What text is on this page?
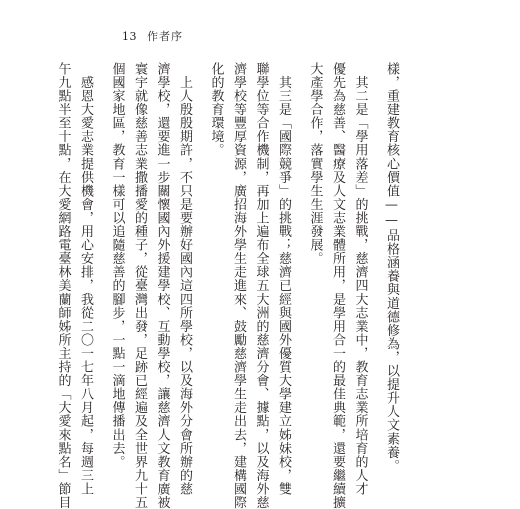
13 作者序

樣，重建教育核心價值——品格涵養與道德修為，以提升人文素養。

　其二是「學用落差」的挑戰，慈濟四大志業中，教育志業所培育的人才

優先為慈善、醫療及人文志業體所用，是學用合一的最佳典範，還要繼續擴

大產學合作，落實學生生涯發展。

　其三是「國際競爭」的挑戰；慈濟已經與國外優質大學建立姊妹校，雙

聯學位等合作機制，再加上遍布全球五大洲的慈濟分會、據點，以及海外慈

濟學校等豐厚資源，廣招海外學生走進來、鼓勵慈濟學生走出去，建構國際

化的教育環境。

　上人殷殷期許，不只是要辦好國內這四所學校，以及海外分會所辦的慈

濟學校，還要進一步關懷國內外援建學校、互動學校，讓慈濟人文教育廣被

寰宇就像慈善志業撒播愛的種子，從臺灣出發，足跡已經遍及全世界九十五

個國家地區，教育一樣可以追隨慈善的腳步，一點一滴地傳播出去。

　感恩大愛志業提供機會，用心安排，我從二〇一七年八月起，每週三上

午九點半至十點，在大愛網路電臺林美蘭師姊所主持的「大愛來點名」節目
